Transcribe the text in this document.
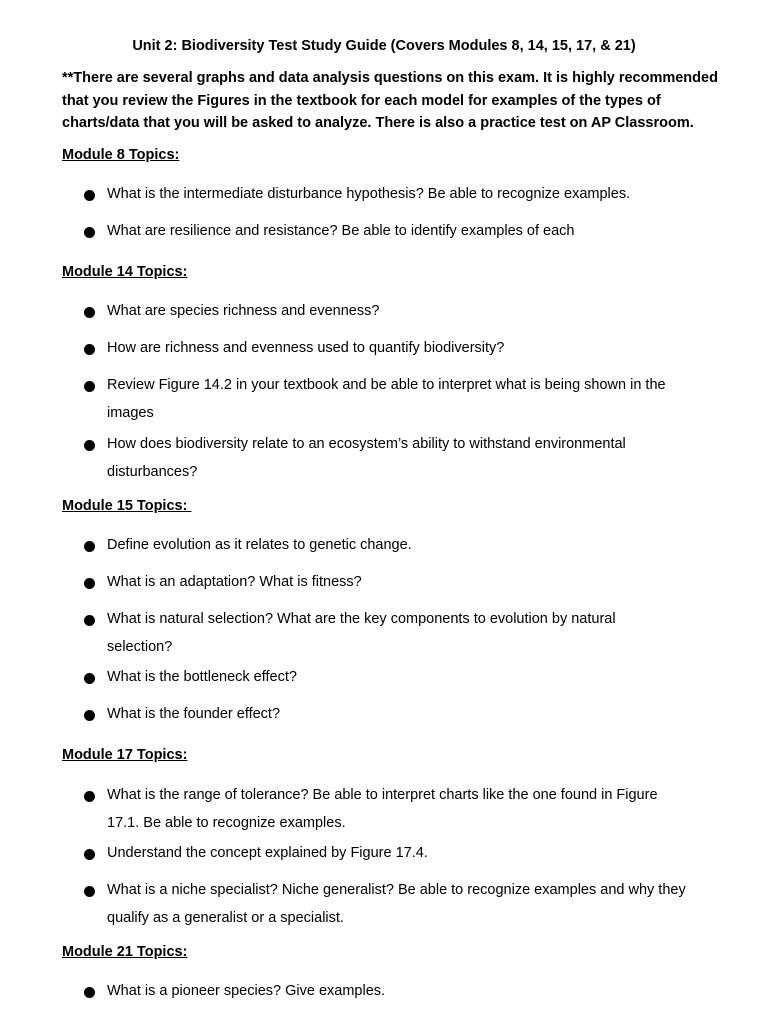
Unit 2: Biodiversity Test Study Guide (Covers Modules 8, 14, 15, 17, & 21)
**There are several graphs and data analysis questions on this exam. It is highly recommended
that you review the Figures in the textbook for each model for examples of the types of
charts/data that you will be asked to analyze. There is also a practice test on AP Classroom.
Module 8 Topics:
What is the intermediate disturbance hypothesis? Be able to recognize examples.
What are resilience and resistance? Be able to identify examples of each
Module 14 Topics:
What are species richness and evenness?
How are richness and evenness used to quantify biodiversity?
Review Figure 14.2 in your textbook and be able to interpret what is being shown in the
images
How does biodiversity relate to an ecosystem’s ability to withstand environmental
disturbances?
Module 15 Topics:
Define evolution as it relates to genetic change.
What is an adaptation? What is fitness?
What is natural selection? What are the key components to evolution by natural
selection?
What is the bottleneck effect?
What is the founder effect?
Module 17 Topics:
What is the range of tolerance? Be able to interpret charts like the one found in Figure
17.1. Be able to recognize examples.
Understand the concept explained by Figure 17.4.
What is a niche specialist? Niche generalist? Be able to recognize examples and why they
qualify as a generalist or a specialist.
Module 21 Topics:
What is a pioneer species? Give examples.
